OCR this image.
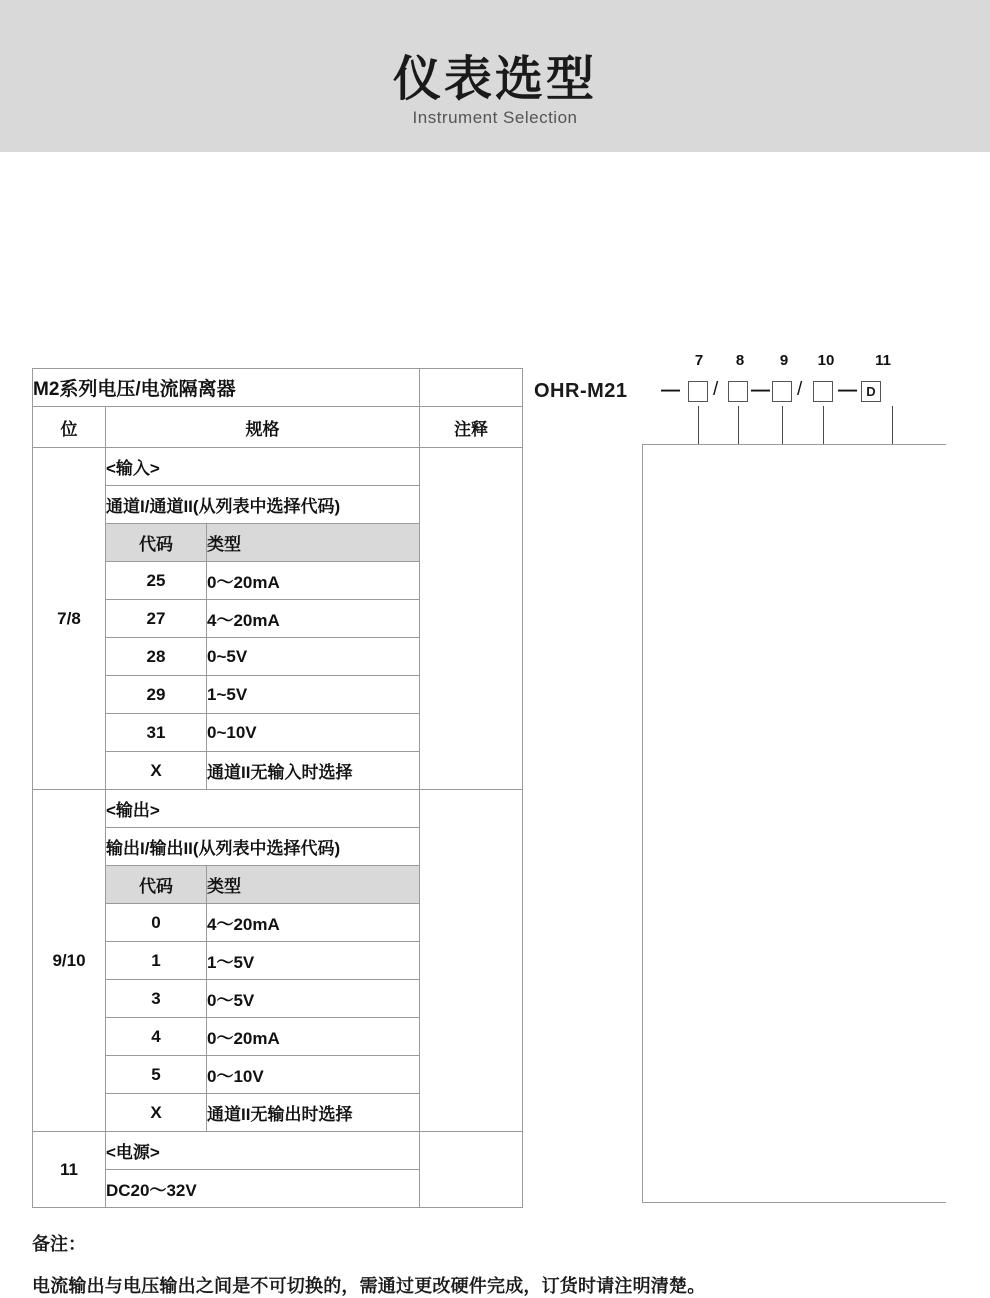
仪表选型
Instrument Selection
7	8	9	10	11
OHR-M21 — / — / — D
M2系列电压/电流隔离器			
位	规格		注释
7/8	<输入>		
	通道I/通道II(从列表中选择代码)		
	代码	类型	
	25	0～20mA	
	27	4～20mA	
	28	0~5V	
	29	1~5V	
	31	0~10V	
	X	通道II无输入时选择	
9/10	<输出>		
	输出I/输出II(从列表中选择代码)		
	代码	类型	
	0	4～20mA	
	1	1～5V	
	3	0～5V	
	4	0～20mA	
	5	0～10V	
	X	通道II无输出时选择	
11	<电源>		
	DC20～32V		
备注：
电流输出与电压输出之间是不可切换的，需通过更改硬件完成，订货时请注明清楚。
